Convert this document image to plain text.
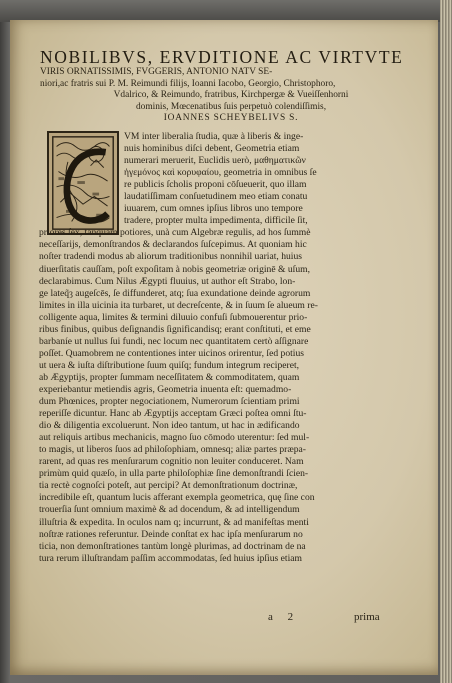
NOBILIBVS, ERVDITIONE AC VIRTVTE
VIRIS ORNATISSIMIS, FVGGERIS, ANTONIO NATV SE-
niori,ac fratris sui P. M. Reimundi filijs, Ioanni Iacobo, Georgio, Christophoro,
Vdalrico, & Reimundo, fratribus, Kirchpergæ & Vueiſſenhorni
dominis, Mœcenatibus ſuis perpetuò colendiſſimis,
IOANNES SCHEYBELIVS S.
VM inter liberalia ſtudia, quæ à liberis & inge-
nuis hominibus diſci debent, Geometria etiam
numerari meruerit, Euclidis uerò, μαθηματικῶν
ἡγεμόνος καὶ κορυφαίου, geometria in omnibus ſe
re publicis ſcholis proponi cōſueuerit, quo illam
laudatiſſimam conſuetudinem meo etiam conatu
iuuarem, cum omnes ipſius libros uno tempore
tradere, propter multa impedimenta, difficile ſit,
priores ſex, tanquam potiores, unà cum Algebræ regulis, ad hos ſummè
neceſſarijs, demonſtrandos & declarandos ſuſcepimus. At quoniam hic
noſter tradendi modus ab aliorum traditionibus nonnihil uariat, huius
diuerſitatis cauſſam, poſt expoſitam à nobis geometriæ originē & uſum,
declarabimus. Cum Nilus Ægypti fluuius, ut author eſt Strabo, lon-
ge lateq̃ȝ augeſcēs, ſe diffunderet, atq; ſua exundatione deinde agrorum
limites in illa uicinia ita turbaret, ut decreſcente, & in ſuum ſe alueum re-
colligente aqua, limites & termini diluuio confuſi ſubmouerentur prio-
ribus finibus, quibus deſignandis ſignificandisq; erant conſtituti, et eme
barbaníe ut nullus ſui fundi, nec locum nec quantitatem certò aſſignare
poſſet. Quamobrem ne contentiones inter uicinos orirentur, ſed potius
ut uera & iuſta diſtributione ſuum quiſq; fundum integrum reciperet,
ab Ægyptijs, propter ſummam neceſſitatem & commoditatem, quam
experiebantur metiendis agris, Geometria inuenta eſt: quemadmo-
dum Phœnices, propter negociationem, Numerorum ſcientiam primi
reperiſſe dicuntur. Hanc ab Ægyptijs acceptam Græci poſtea omni ſtu-
dio & diligentia excoluerunt. Non ideo tantum, ut hac in ædificando
aut reliquis artibus mechanicis, magno ſuo cōmodo uterentur: ſed mul-
to magis, ut liberos ſuos ad philoſophiam, omnesq; aliæ partes præpa-
rarent, ad quas res menſurarum cognitio non leuiter conduceret. Nam
primùm quid quæſo, in ulla parte philoſophiæ ſine demonſtrandi ſcien-
tia rectè cognoſci poteſt, aut percipi? At demonſtrationum doctrinæ,
incredibile eſt, quantum lucis afferant exempla geometrica, quę ſine con
trouerſia ſunt omnium maximè & ad docendum, & ad intelligendum
illuſtria & expedita. In oculos nam q; incurrunt, & ad manifeſtas menti
noſtræ rationes referuntur. Deinde conſtat ex hac ipſa menſurarum no
ticia, non demonſtrationes tantùm longè plurimas, ad doctrinam de na
tura rerum illuſtrandam paſſim accommodatas, ſed huius ipſius etiam
a 2	prima
